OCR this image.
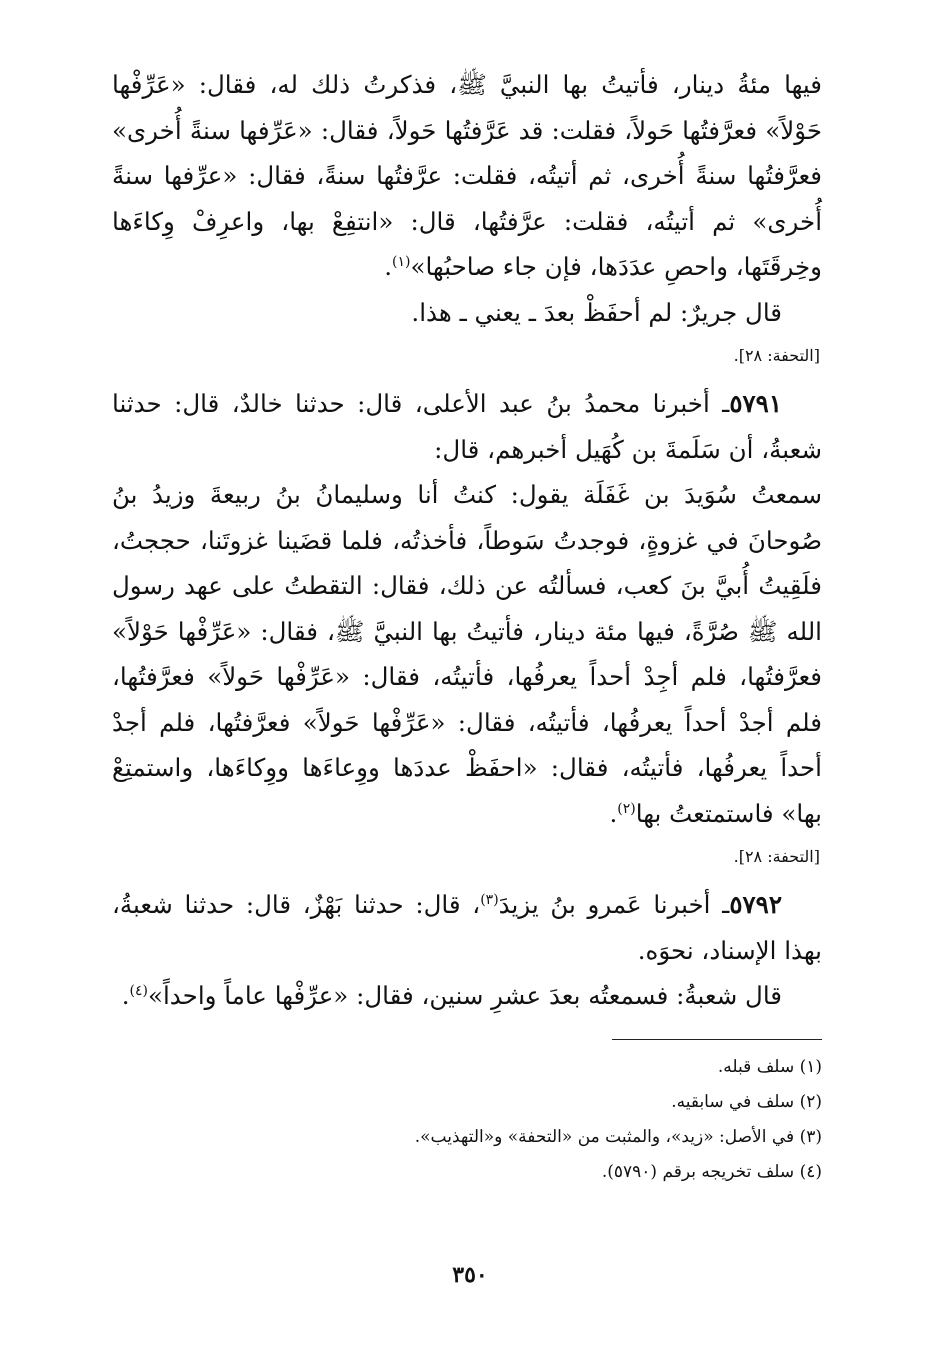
فيها مئةُ دينار، فأتيتُ بها النبيَّ ﷺ، فذكرتُ ذلك له، فقال: «عَرِّفْها حَوْلاً» فعرَّفتُها حَولاً، فقلت: قد عَرَّفتُها حَولاً، فقال: «عَرِّفها سنةً أُخرى» فعرَّفتُها سنةً أُخرى، ثم أتيتُه، فقلت: عرَّفتُها سنةً، فقال: «عرِّفها سنةً أُخرى» ثم أتيتُه، فقلت: عرَّفتُها، قال: «انتفِعْ بها، واعرِفْ وِكاءَها وخِرقَتَها، واحصِ عدَدَها، فإن جاء صاحبُها»$^{(١)}$.

قال جريرٌ: لم أحفَظْ بعدَ ـ يعني ـ هذا.

[التحفة: ٢٨].

٥٧٩١ـ أخبرنا محمدُ بنُ عبد الأعلى، قال: حدثنا خالدٌ، قال: حدثنا شعبةُ، أن سَلَمةَ بن كُهَيل أخبرهم، قال:

سمعتُ سُوَيدَ بن غَفَلَة يقول: كنتُ أنا وسليمانُ بنُ ربيعةَ وزيدُ بنُ صُوحانَ في غزوةٍ، فوجدتُ سَوطاً، فأخذتُه، فلما قضَينا غزوتَنا، حججتُ، فلَقِيتُ أُبيَّ بنَ كعب، فسألتُه عن ذلك، فقال: التقطتُ على عهد رسول الله ﷺ صُرَّةً، فيها مئة دينار، فأتيتُ بها النبيَّ ﷺ، فقال: «عَرِّفْها حَوْلاً» فعرَّفتُها، فلم أجِدْ أحداً يعرفُها، فأتيتُه، فقال: «عَرِّفْها حَولاً» فعرَّفتُها، فلم أجدْ أحداً يعرفُها، فأتيتُه، فقال: «عَرِّفْها حَولاً» فعرَّفتُها، فلم أجدْ أحداً يعرفُها، فأتيتُه، فقال: «احفَظْ عددَها ووِعاءَها ووِكاءَها، واستمتِعْ بها» فاستمتعتُ بها$^{(٢)}$.

[التحفة: ٢٨].

٥٧٩٢ـ أخبرنا عَمرو بنُ يزيدَ$^{(٣)}$، قال: حدثنا بَهْزٌ، قال: حدثنا شعبةُ، بهذا الإسناد، نحوَه.

قال شعبةُ: فسمعتُه بعدَ عشرِ سنين، فقال: «عرِّفْها عاماً واحداً»$^{(٤)}$.

(١) سلف قبله.
(٢) سلف في سابقيه.
(٣) في الأصل: «زيد»، والمثبت من «التحفة» و«التهذيب».
(٤) سلف تخريجه برقم (٥٧٩٠).
٣٥٠
